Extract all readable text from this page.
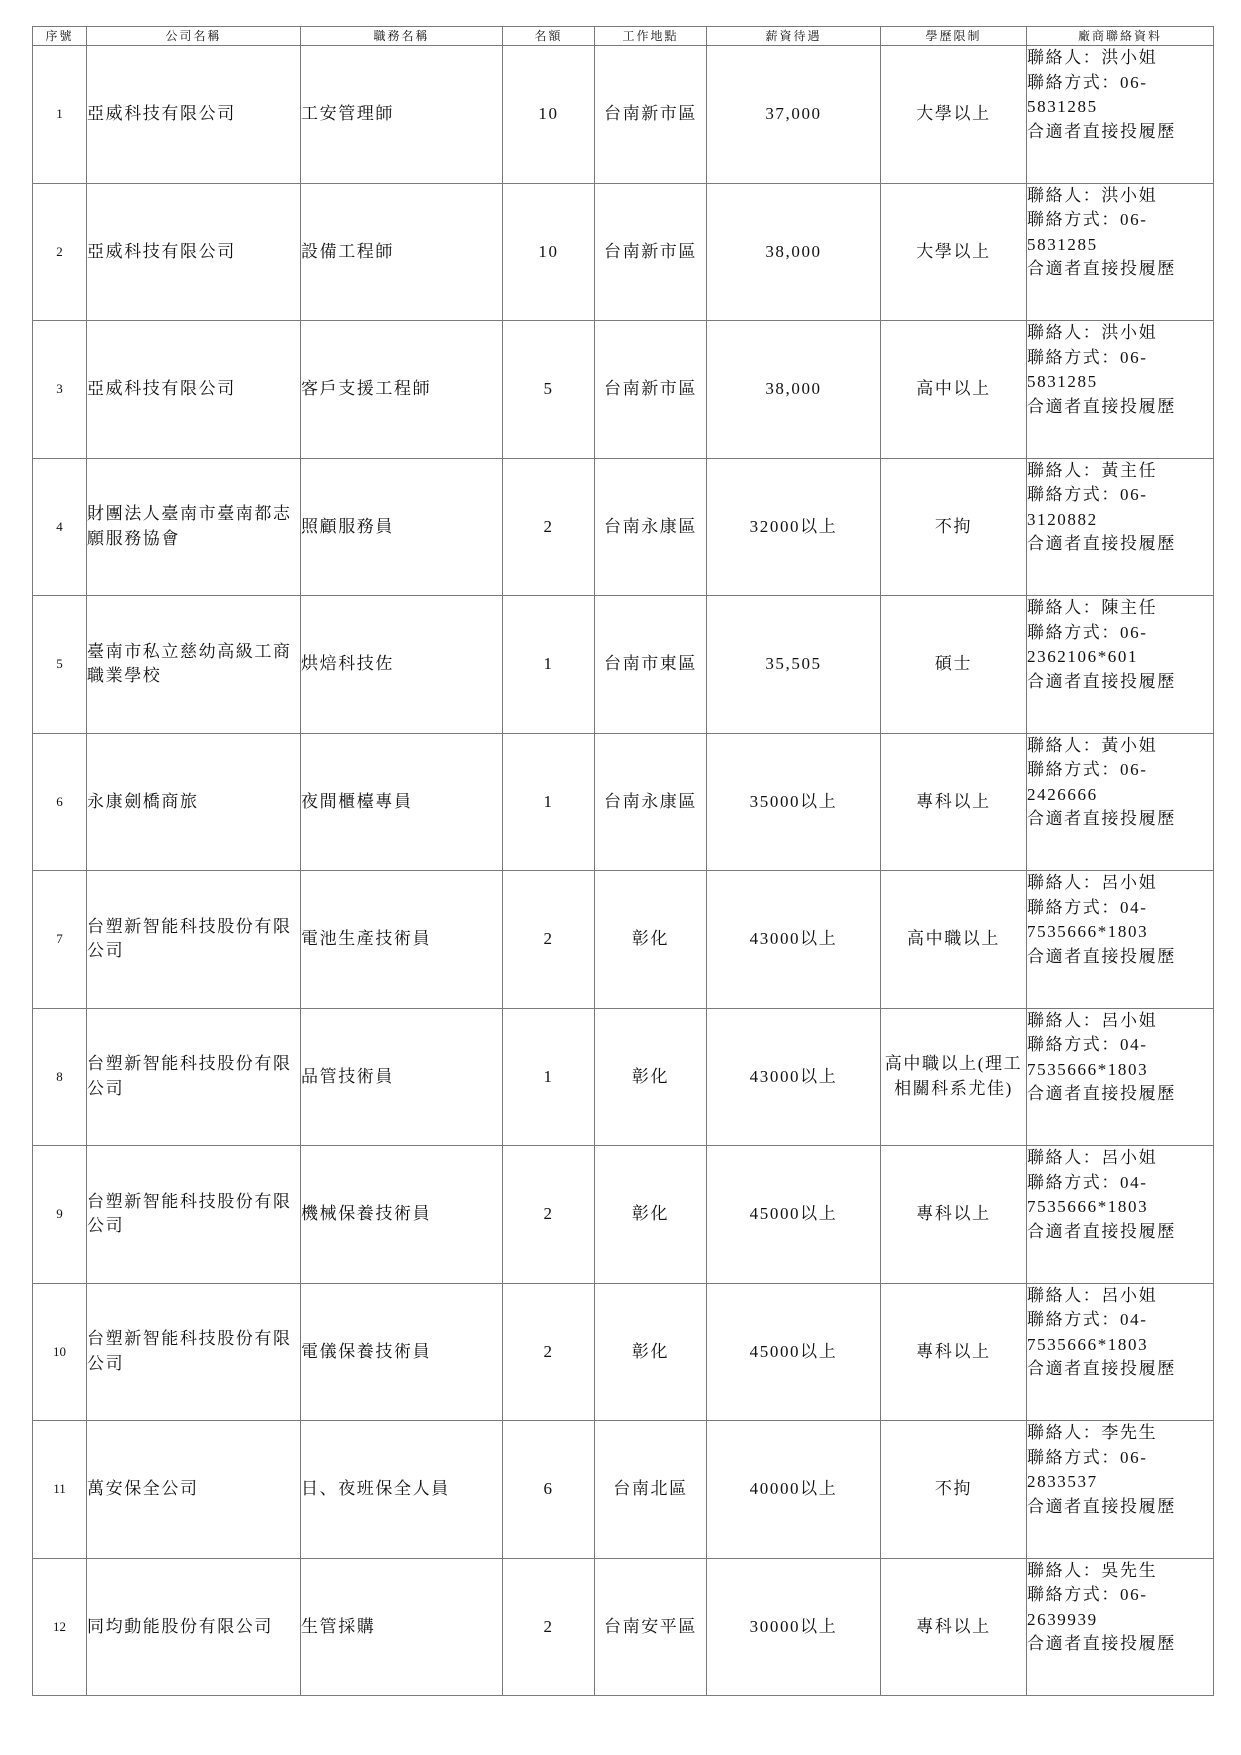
序號	公司名稱	職務名稱	名額	工作地點	薪資待遇	學歷限制	廠商聯絡資料
1	亞威科技有限公司	工安管理師	10	台南新市區	37,000	大學以上	聯絡人：洪小姐
聯絡方式：06-
5831285
合適者直接投履歷

2	亞威科技有限公司	設備工程師	10	台南新市區	38,000	大學以上	聯絡人：洪小姐
聯絡方式：06-
5831285
合適者直接投履歷

3	亞威科技有限公司	客戶支援工程師	5	台南新市區	38,000	高中以上	聯絡人：洪小姐
聯絡方式：06-
5831285
合適者直接投履歷

4	財團法人臺南市臺南都志願服務協會	照顧服務員	2	台南永康區	32000以上	不拘	聯絡人：黃主任
聯絡方式：06-
3120882
合適者直接投履歷

5	臺南市私立慈幼高級工商職業學校	烘焙科技佐	1	台南市東區	35,505	碩士	聯絡人：陳主任
聯絡方式：06-
2362106*601
合適者直接投履歷

6	永康劍橋商旅	夜間櫃檯專員	1	台南永康區	35000以上	專科以上	聯絡人：黃小姐
聯絡方式：06-
2426666
合適者直接投履歷

7	台塑新智能科技股份有限公司	電池生產技術員	2	彰化	43000以上	高中職以上	聯絡人：呂小姐
聯絡方式：04-
7535666*1803
合適者直接投履歷

8	台塑新智能科技股份有限公司	品管技術員	1	彰化	43000以上	高中職以上(理工相關科系尤佳)	聯絡人：呂小姐
聯絡方式：04-
7535666*1803
合適者直接投履歷

9	台塑新智能科技股份有限公司	機械保養技術員	2	彰化	45000以上	專科以上	聯絡人：呂小姐
聯絡方式：04-
7535666*1803
合適者直接投履歷

10	台塑新智能科技股份有限公司	電儀保養技術員	2	彰化	45000以上	專科以上	聯絡人：呂小姐
聯絡方式：04-
7535666*1803
合適者直接投履歷

11	萬安保全公司	日、夜班保全人員	6	台南北區	40000以上	不拘	聯絡人：李先生
聯絡方式：06-
2833537
合適者直接投履歷

12	同均動能股份有限公司	生管採購	2	台南安平區	30000以上	專科以上	聯絡人：吳先生
聯絡方式：06-
2639939
合適者直接投履歷
